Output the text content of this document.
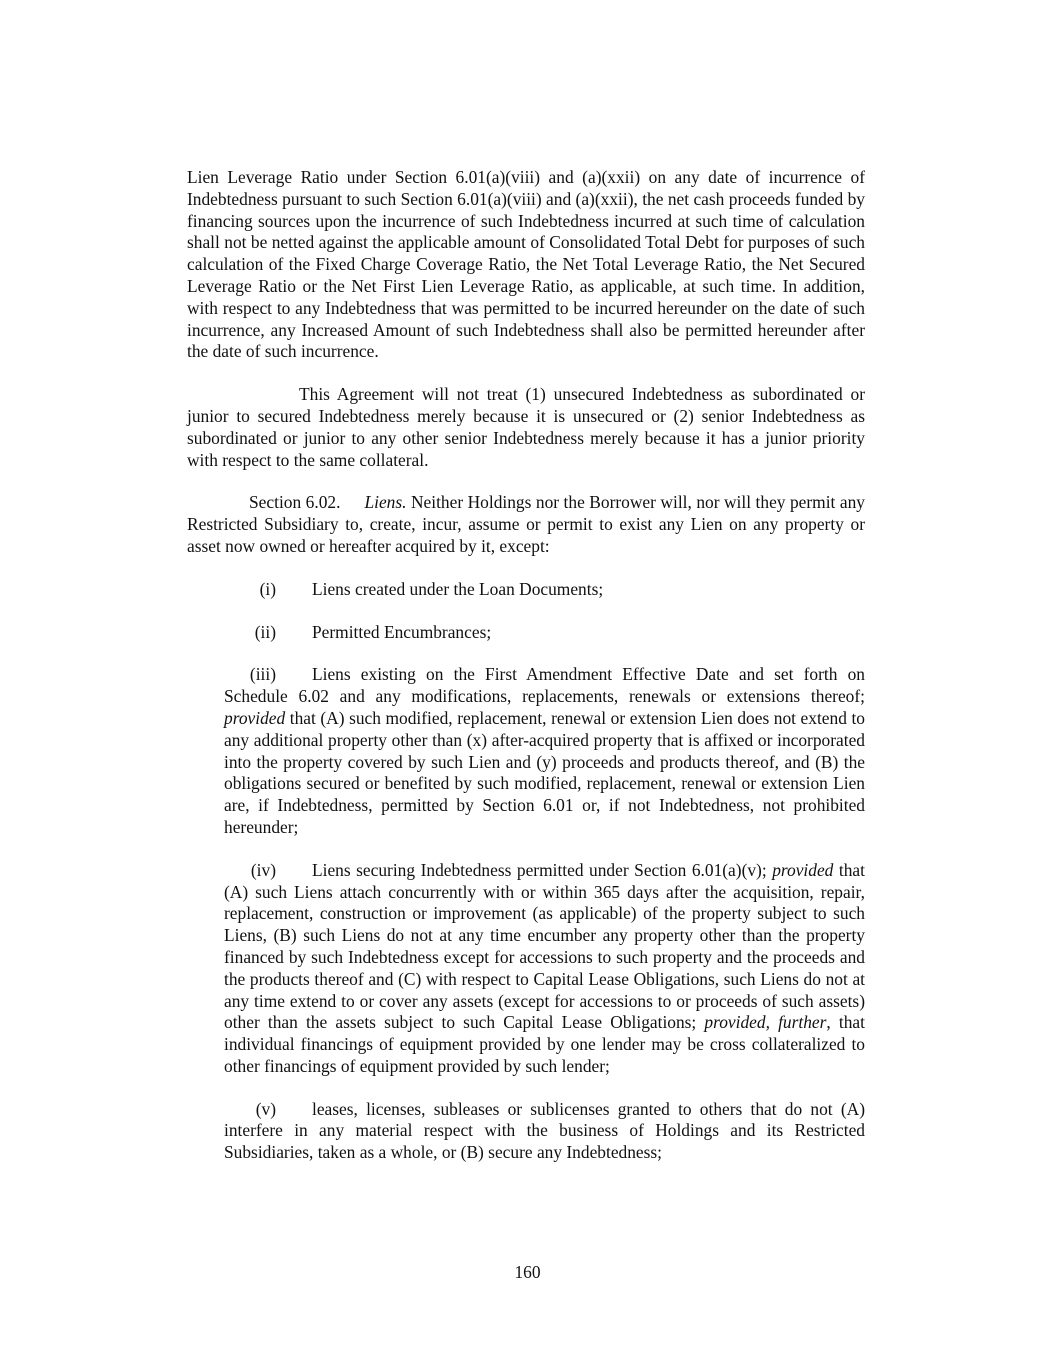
Lien Leverage Ratio under Section 6.01(a)(viii) and (a)(xxii) on any date of incurrence of Indebtedness pursuant to such Section 6.01(a)(viii) and (a)(xxii), the net cash proceeds funded by financing sources upon the incurrence of such Indebtedness incurred at such time of calculation shall not be netted against the applicable amount of Consolidated Total Debt for purposes of such calculation of the Fixed Charge Coverage Ratio, the Net Total Leverage Ratio, the Net Secured Leverage Ratio or the Net First Lien Leverage Ratio, as applicable, at such time. In addition, with respect to any Indebtedness that was permitted to be incurred hereunder on the date of such incurrence, any Increased Amount of such Indebtedness shall also be permitted hereunder after the date of such incurrence.

This Agreement will not treat (1) unsecured Indebtedness as subordinated or junior to secured Indebtedness merely because it is unsecured or (2) senior Indebtedness as subordinated or junior to any other senior Indebtedness merely because it has a junior priority with respect to the same collateral.

Section 6.02. Liens. Neither Holdings nor the Borrower will, nor will they permit any Restricted Subsidiary to, create, incur, assume or permit to exist any Lien on any property or asset now owned or hereafter acquired by it, except:

(i) Liens created under the Loan Documents;

(ii) Permitted Encumbrances;

(iii) Liens existing on the First Amendment Effective Date and set forth on Schedule 6.02 and any modifications, replacements, renewals or extensions thereof; provided that (A) such modified, replacement, renewal or extension Lien does not extend to any additional property other than (x) after-acquired property that is affixed or incorporated into the property covered by such Lien and (y) proceeds and products thereof, and (B) the obligations secured or benefited by such modified, replacement, renewal or extension Lien are, if Indebtedness, permitted by Section 6.01 or, if not Indebtedness, not prohibited hereunder;

(iv) Liens securing Indebtedness permitted under Section 6.01(a)(v); provided that (A) such Liens attach concurrently with or within 365 days after the acquisition, repair, replacement, construction or improvement (as applicable) of the property subject to such Liens, (B) such Liens do not at any time encumber any property other than the property financed by such Indebtedness except for accessions to such property and the proceeds and the products thereof and (C) with respect to Capital Lease Obligations, such Liens do not at any time extend to or cover any assets (except for accessions to or proceeds of such assets) other than the assets subject to such Capital Lease Obligations; provided, further, that individual financings of equipment provided by one lender may be cross collateralized to other financings of equipment provided by such lender;

(v) leases, licenses, subleases or sublicenses granted to others that do not (A) interfere in any material respect with the business of Holdings and its Restricted Subsidiaries, taken as a whole, or (B) secure any Indebtedness;

160
